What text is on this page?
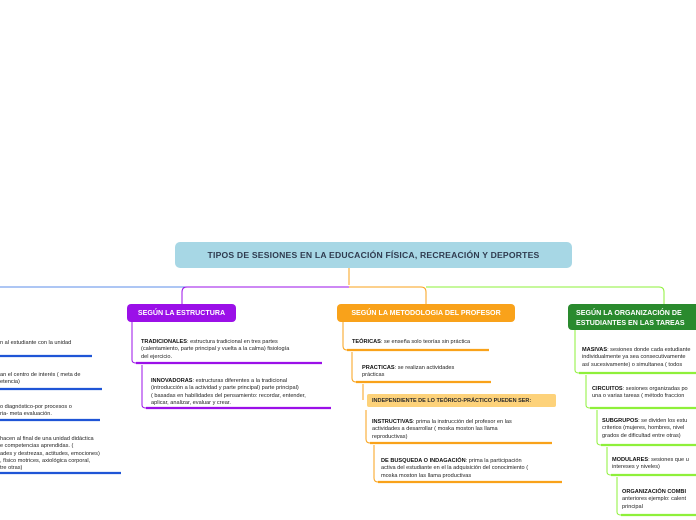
TIPOS DE SESIONES EN LA EDUCACIÓN FÍSICA, RECREACIÓN Y DEPORTES
SEGÚN LA ESTRUCTURA	SEGÚN LA METODOLOGIA DEL PROFESOR	SEGÚN LA ORGANIZACIÓN DE
ESTUDIANTES EN LAS TAREAS
n al estudiante con la unidad
an el centro de interés ( meta de
etencia)
o diagnóstico-por procesos o
ria- meta evaluación.
hacen al final de una unidad didáctica
e competencias aprendidas. (
ades y destrezas, actitudes, emociones)
, físico motrices, axiológica corporal,
tre otras)
TRADICIONALES: estructura tradicional en tres partes
(calentamiento, parte principal y vuelta a la calma) fisiología
del ejercicio.
INNOVADORAS: estructuras diferentes a la tradicional
(introducción a la actividad y parte principal) parte principal)
( basadas en habilidades del pensamiento: recordar, entender,
aplicar, analizar, evaluar y crear.
TEÓRICAS: se enseña solo teorías sin práctica
PRACTICAS: se realizan actividades
prácticas
INDEPENDIENTE DE LO TEÓRICO-PRÁCTICO PUEDEN SER:
INSTRUCTIVAS: prima la instrucción del profesor en las
actividades a desarrollar ( moska moston las llama
reproductivas)
DE BUSQUEDA O INDAGACIÓN: prima la participación
activa del estudiante en el la adquisición del conocimiento (
moska moston las llama productivas
MASIVAS: sesiones donde cada estudiante
individualmente ya sea consecutivamente
así sucesivamente) o simultanea ( todos
CIRCUITOS: sesiones organizadas po
una o varias tareas ( método fraccion
SUBGRUPOS: se dividen los estu
criterios (mujeres, hombres, nivel
grados de dificultad entre otras)
MODULARES: sesiones que u
intereses y niveles)
ORGANIZACIÓN COMBI
anteriores ejemplo: calent
principal
